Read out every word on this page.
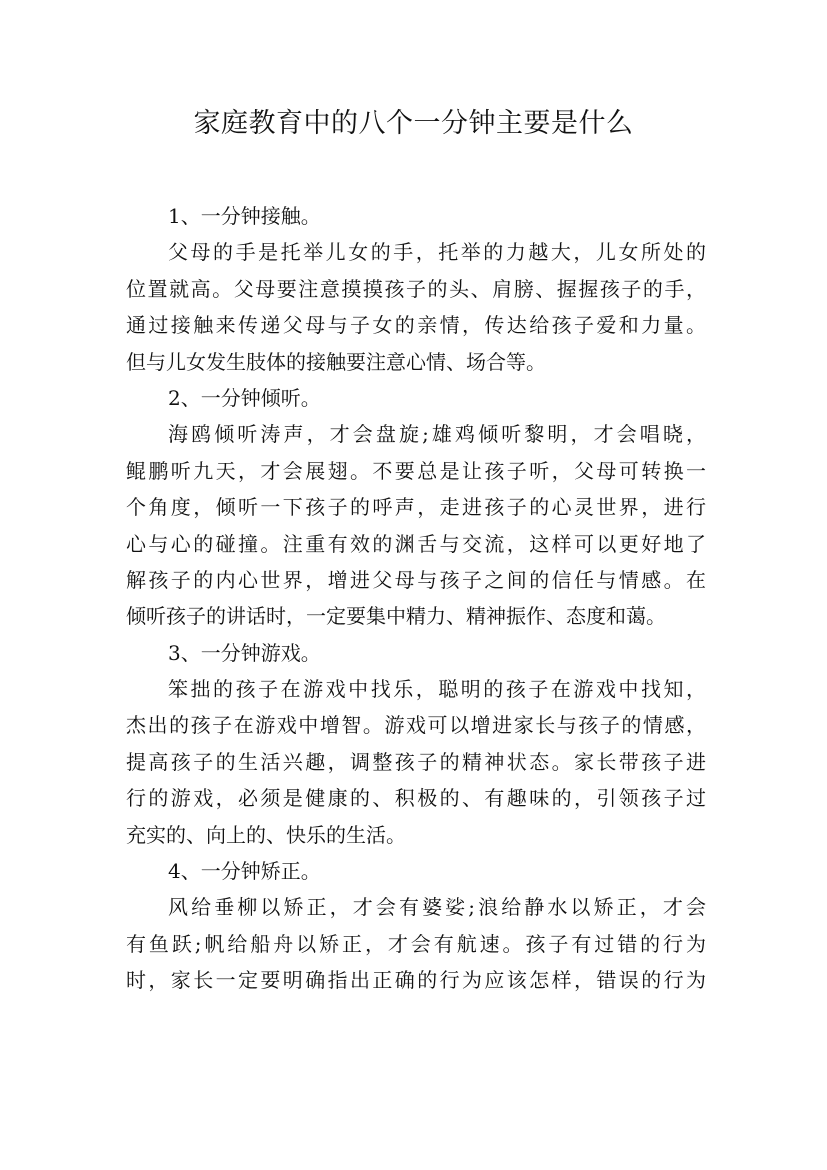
家庭教育中的八个一分钟主要是什么
1、一分钟接触。
父母的手是托举儿女的手，托举的力越大，儿女所处的
位置就高。父母要注意摸摸孩子的头、肩膀、握握孩子的手，
通过接触来传递父母与子女的亲情，传达给孩子爱和力量。
但与儿女发生肢体的接触要注意心情、场合等。
2、一分钟倾听。
海鸥倾听涛声，才会盘旋;雄鸡倾听黎明，才会唱晓，
鲲鹏听九天，才会展翅。不要总是让孩子听，父母可转换一
个角度，倾听一下孩子的呼声，走进孩子的心灵世界，进行
心与心的碰撞。注重有效的渊舌与交流，这样可以更好地了
解孩子的内心世界，增进父母与孩子之间的信任与情感。在
倾听孩子的讲话时，一定要集中精力、精神振作、态度和蔼。
3、一分钟游戏。
笨拙的孩子在游戏中找乐，聪明的孩子在游戏中找知，
杰出的孩子在游戏中增智。游戏可以增进家长与孩子的情感，
提高孩子的生活兴趣，调整孩子的精神状态。家长带孩子进
行的游戏，必须是健康的、积极的、有趣味的，引领孩子过
充实的、向上的、快乐的生活。
4、一分钟矫正。
风给垂柳以矫正，才会有婆娑;浪给静水以矫正，才会
有鱼跃;帆给船舟以矫正，才会有航速。孩子有过错的行为
时，家长一定要明确指出正确的行为应该怎样，错误的行为
